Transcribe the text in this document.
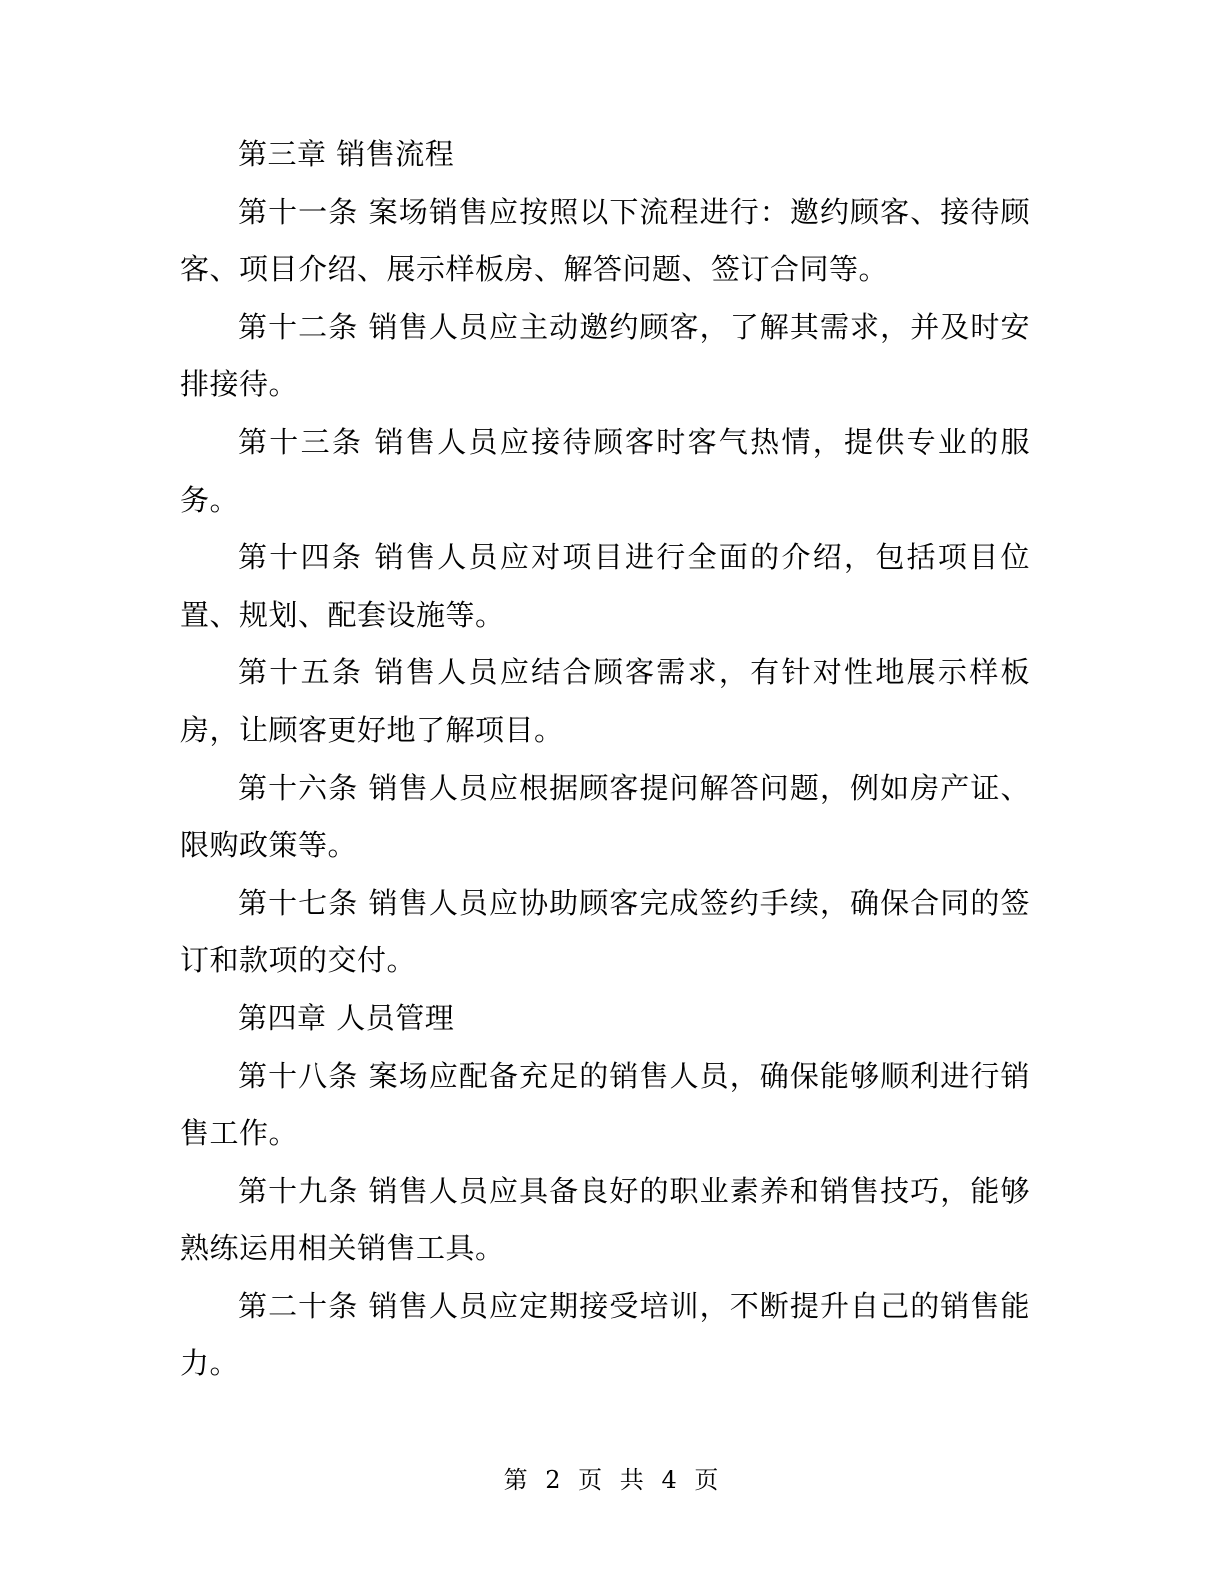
第三章 销售流程

第十一条 案场销售应按照以下流程进行：邀约顾客、接待顾客、项目介绍、展示样板房、解答问题、签订合同等。

第十二条 销售人员应主动邀约顾客，了解其需求，并及时安排接待。

第十三条 销售人员应接待顾客时客气热情，提供专业的服务。

第十四条 销售人员应对项目进行全面的介绍，包括项目位置、规划、配套设施等。

第十五条 销售人员应结合顾客需求，有针对性地展示样板房，让顾客更好地了解项目。

第十六条 销售人员应根据顾客提问解答问题，例如房产证、限购政策等。

第十七条 销售人员应协助顾客完成签约手续，确保合同的签订和款项的交付。

第四章 人员管理

第十八条 案场应配备充足的销售人员，确保能够顺利进行销售工作。

第十九条 销售人员应具备良好的职业素养和销售技巧，能够熟练运用相关销售工具。

第二十条 销售人员应定期接受培训，不断提升自己的销售能力。

第 2 页 共 4 页
